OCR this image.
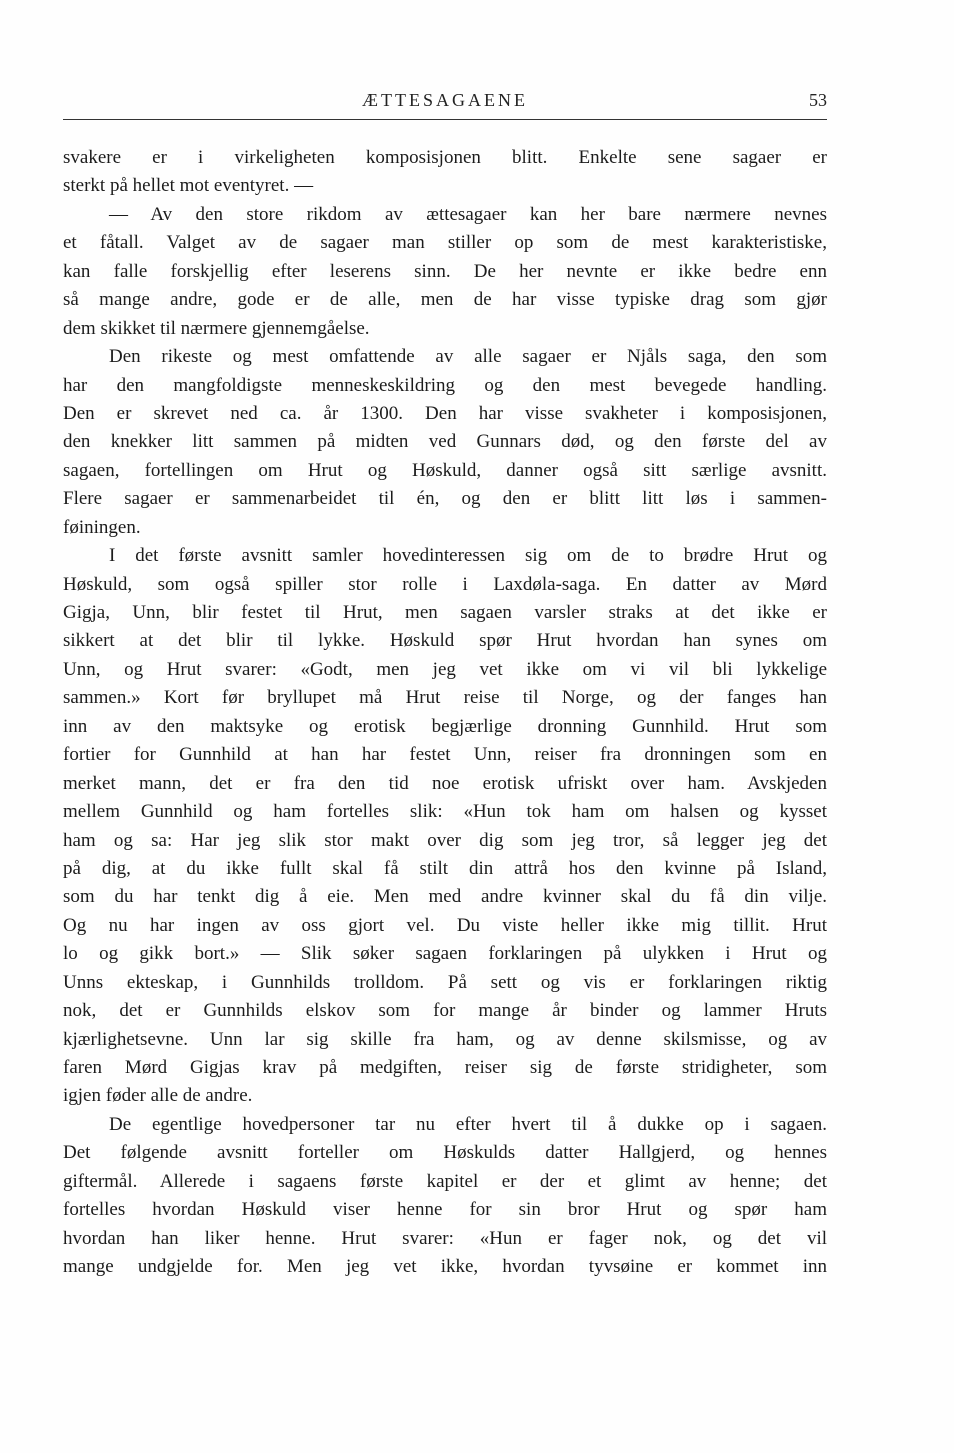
ÆTTESAGAENE	53
svakere er i virkeligheten komposisjonen blitt. Enkelte sene sagaer er
sterkt på hellet mot eventyret. —
— Av den store rikdom av ættesagaer kan her bare nærmere nevnes
et fåtall. Valget av de sagaer man stiller op som de mest karakteristiske,
kan falle forskjellig efter leserens sinn. De her nevnte er ikke bedre enn
så mange andre, gode er de alle, men de har visse typiske drag som gjør
dem skikket til nærmere gjennemgåelse.
Den rikeste og mest omfattende av alle sagaer er Njåls saga, den som
har den mangfoldigste menneskeskildring og den mest bevegede handling.
Den er skrevet ned ca. år 1300. Den har visse svakheter i komposisjonen,
den knekker litt sammen på midten ved Gunnars død, og den første del av
sagaen, fortellingen om Hrut og Høskuld, danner også sitt særlige avsnitt.
Flere sagaer er sammenarbeidet til én, og den er blitt litt løs i sammen-
føiningen.
I det første avsnitt samler hovedinteressen sig om de to brødre Hrut og
Høskuld, som også spiller stor rolle i Laxdøla-saga. En datter av Mørd
Gigja, Unn, blir festet til Hrut, men sagaen varsler straks at det ikke er
sikkert at det blir til lykke. Høskuld spør Hrut hvordan han synes om
Unn, og Hrut svarer: «Godt, men jeg vet ikke om vi vil bli lykkelige
sammen.» Kort før bryllupet må Hrut reise til Norge, og der fanges han
inn av den maktsyke og erotisk begjærlige dronning Gunnhild. Hrut som
fortier for Gunnhild at han har festet Unn, reiser fra dronningen som en
merket mann, det er fra den tid noe erotisk ufriskt over ham. Avskjeden
mellem Gunnhild og ham fortelles slik: «Hun tok ham om halsen og kysset
ham og sa: Har jeg slik stor makt over dig som jeg tror, så legger jeg det
på dig, at du ikke fullt skal få stilt din attrå hos den kvinne på Island,
som du har tenkt dig å eie. Men med andre kvinner skal du få din vilje.
Og nu har ingen av oss gjort vel. Du viste heller ikke mig tillit. Hrut
lo og gikk bort.» — Slik søker sagaen forklaringen på ulykken i Hrut og
Unns ekteskap, i Gunnhilds trolldom. På sett og vis er forklaringen riktig
nok, det er Gunnhilds elskov som for mange år binder og lammer Hruts
kjærlighetsevne. Unn lar sig skille fra ham, og av denne skilsmisse, og av
faren Mørd Gigjas krav på medgiften, reiser sig de første stridigheter, som
igjen føder alle de andre.
De egentlige hovedpersoner tar nu efter hvert til å dukke op i sagaen.
Det følgende avsnitt forteller om Høskulds datter Hallgjerd, og hennes
giftermål. Allerede i sagaens første kapitel er der et glimt av henne; det
fortelles hvordan Høskuld viser henne for sin bror Hrut og spør ham
hvordan han liker henne. Hrut svarer: «Hun er fager nok, og det vil
mange undgjelde for. Men jeg vet ikke, hvordan tyvsøine er kommet inn
